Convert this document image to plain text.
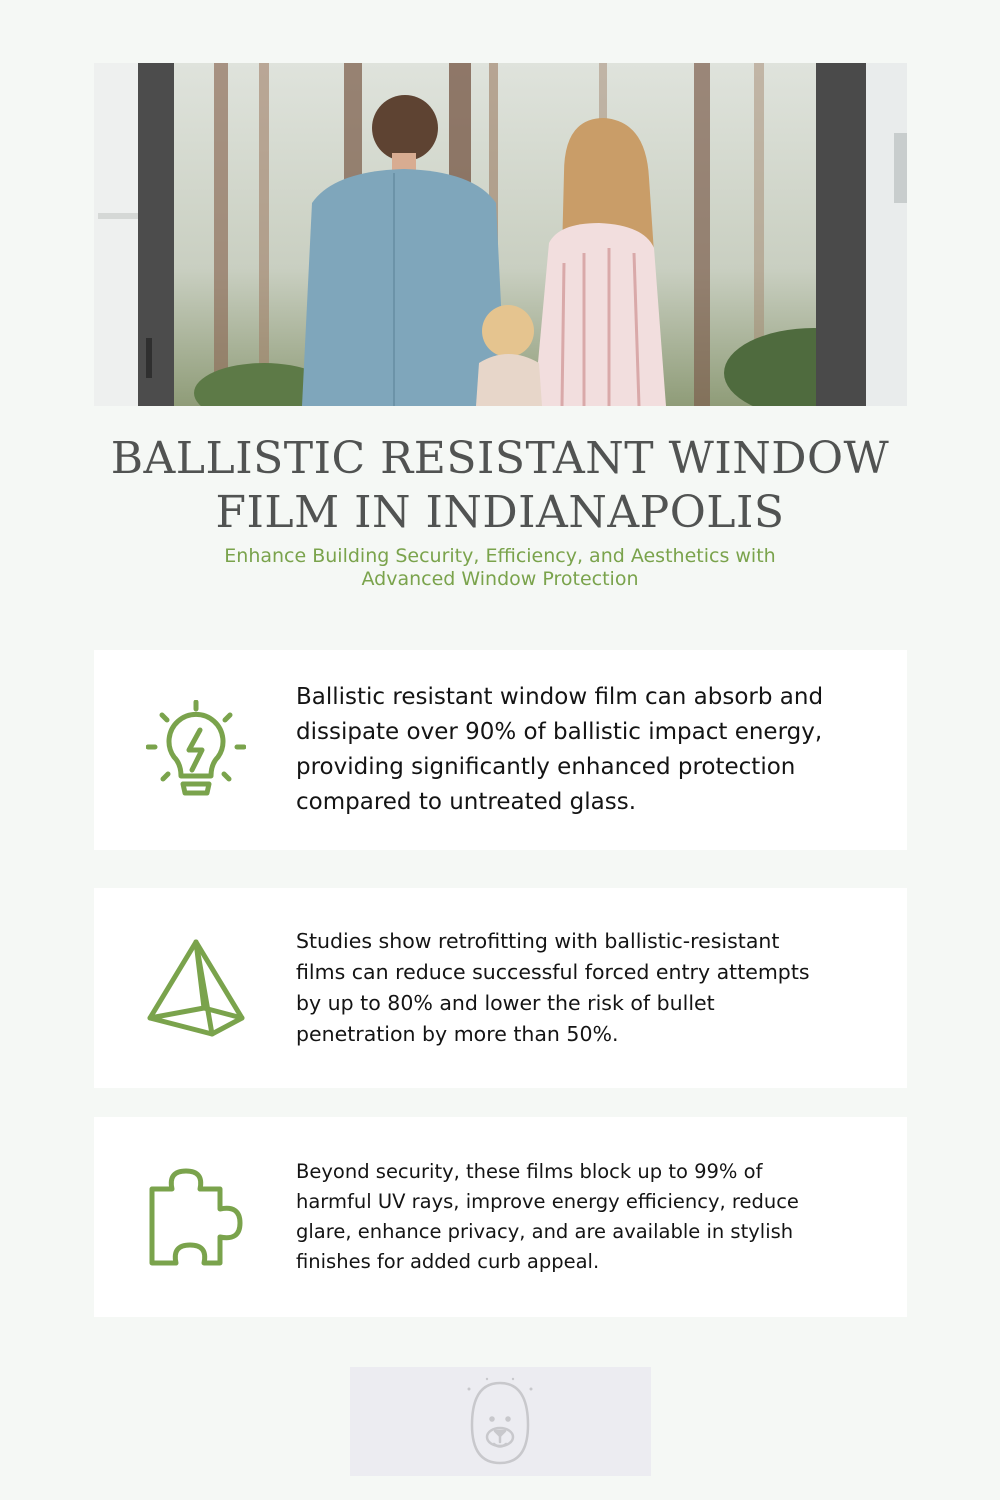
BALLISTIC RESISTANT WINDOW
FILM IN INDIANAPOLIS

Enhance Building Security, Efficiency, and Aesthetics with
Advanced Window Protection

Ballistic resistant window film can absorb and dissipate over 90% of ballistic impact energy, providing significantly enhanced protection compared to untreated glass.

Studies show retrofitting with ballistic-resistant films can reduce successful forced entry attempts by up to 80% and lower the risk of bullet penetration by more than 50%.

Beyond security, these films block up to 99% of harmful UV rays, improve energy efficiency, reduce glare, enhance privacy, and are available in stylish finishes for added curb appeal.
